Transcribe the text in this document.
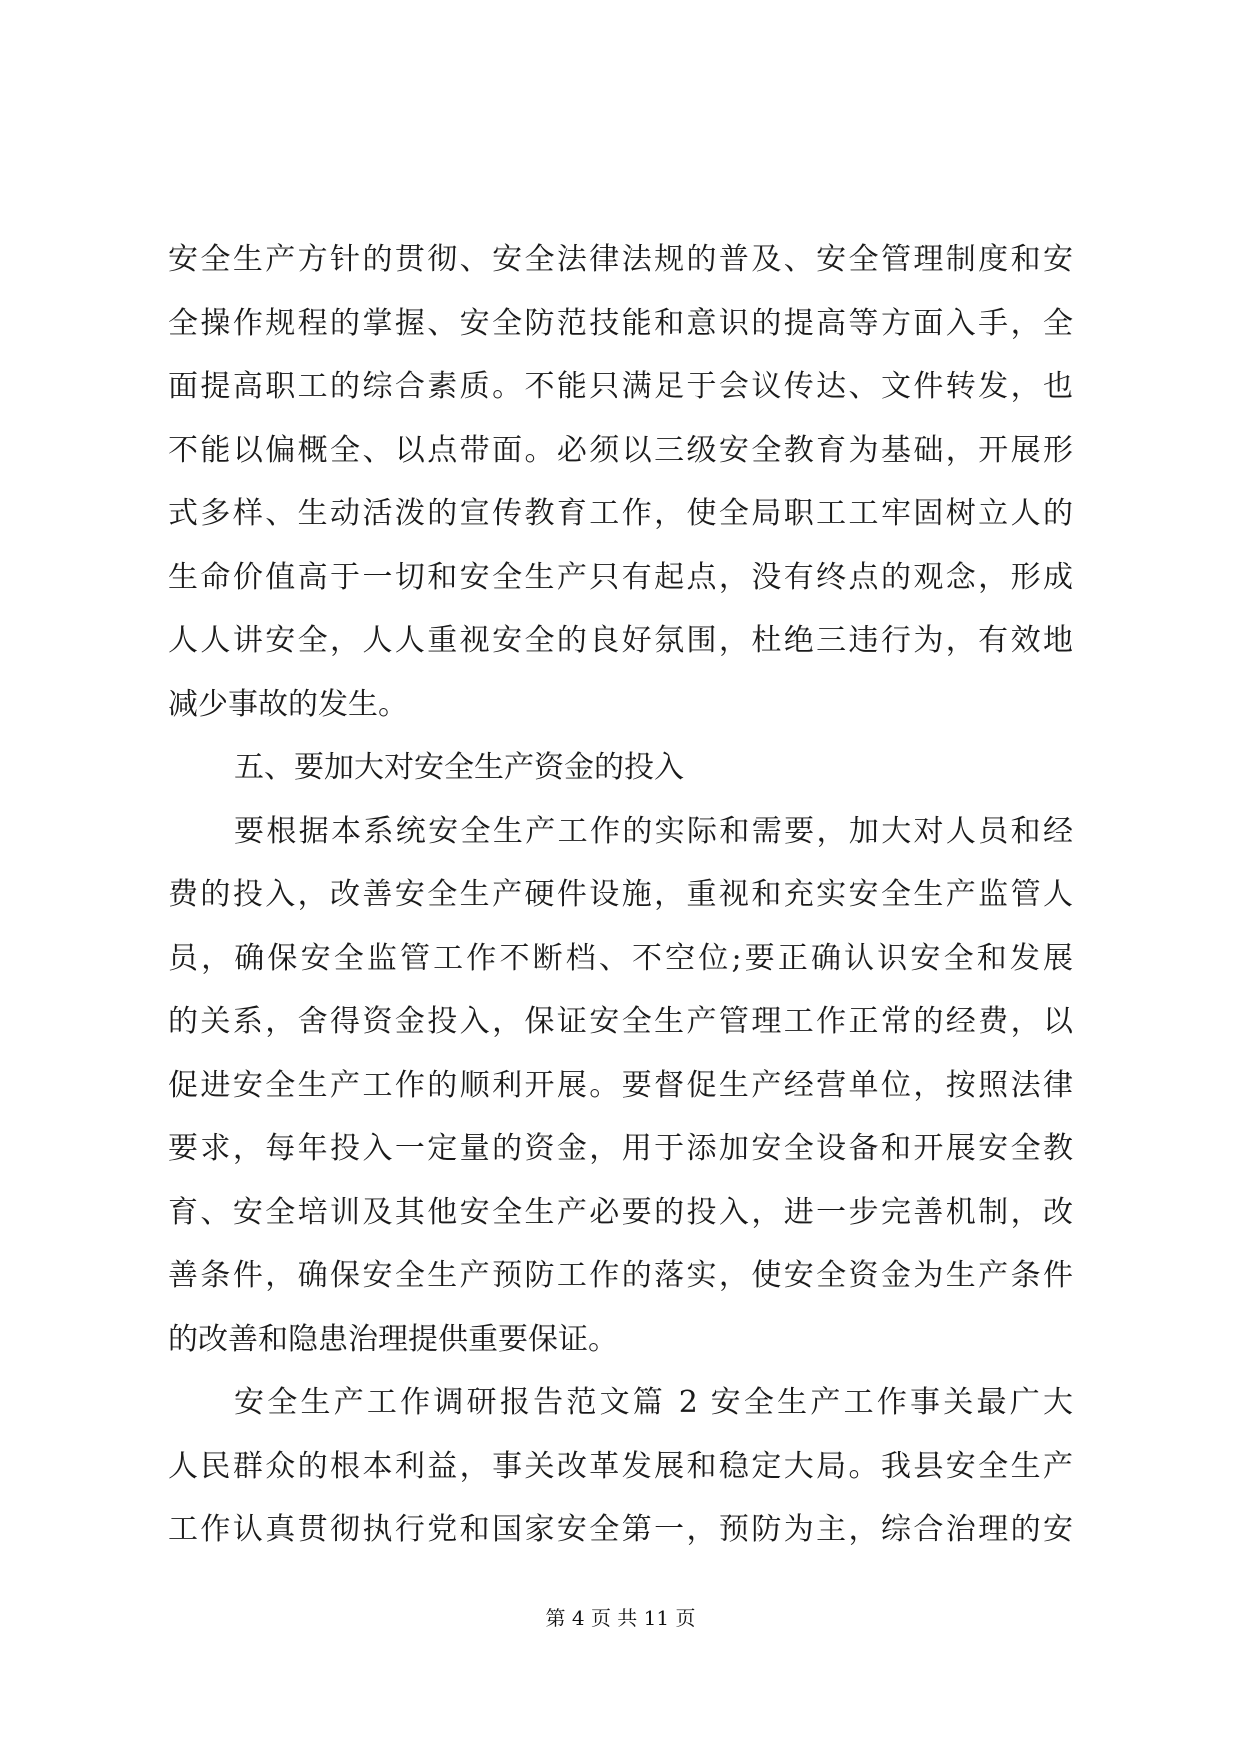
安全生产方针的贯彻、安全法律法规的普及、安全管理制度和安
全操作规程的掌握、安全防范技能和意识的提高等方面入手，全
面提高职工的综合素质。不能只满足于会议传达、文件转发，也
不能以偏概全、以点带面。必须以三级安全教育为基础，开展形
式多样、生动活泼的宣传教育工作，使全局职工工牢固树立人的
生命价值高于一切和安全生产只有起点，没有终点的观念，形成
人人讲安全，人人重视安全的良好氛围，杜绝三违行为，有效地
减少事故的发生。
五、要加大对安全生产资金的投入
要根据本系统安全生产工作的实际和需要，加大对人员和经
费的投入，改善安全生产硬件设施，重视和充实安全生产监管人
员，确保安全监管工作不断档、不空位;要正确认识安全和发展
的关系，舍得资金投入，保证安全生产管理工作正常的经费，以
促进安全生产工作的顺利开展。要督促生产经营单位，按照法律
要求，每年投入一定量的资金，用于添加安全设备和开展安全教
育、安全培训及其他安全生产必要的投入，进一步完善机制，改
善条件，确保安全生产预防工作的落实，使安全资金为生产条件
的改善和隐患治理提供重要保证。
安全生产工作调研报告范文篇 2 安全生产工作事关最广大
人民群众的根本利益，事关改革发展和稳定大局。我县安全生产
工作认真贯彻执行党和国家安全第一，预防为主，综合治理的安
第 4 页 共 11 页
